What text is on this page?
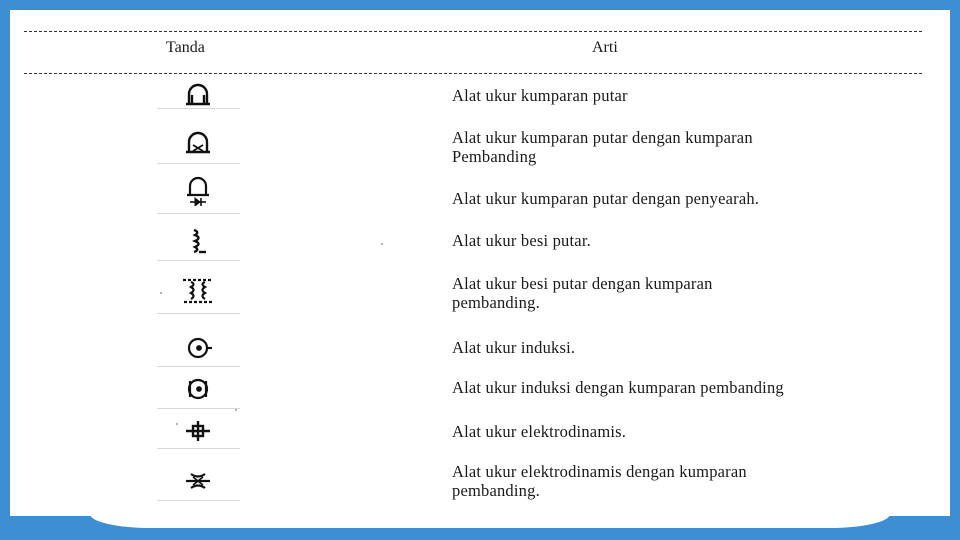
Tanda	Arti
Alat ukur kumparan putar
Alat ukur kumparan putar dengan kumparan
Pembanding
Alat ukur kumparan putar dengan penyearah.
Alat ukur besi putar.
Alat ukur besi putar dengan kumparan
pembanding.
Alat ukur induksi.
Alat ukur induksi dengan kumparan pembanding
Alat ukur elektrodinamis.
Alat ukur elektrodinamis dengan kumparan
pembanding.
